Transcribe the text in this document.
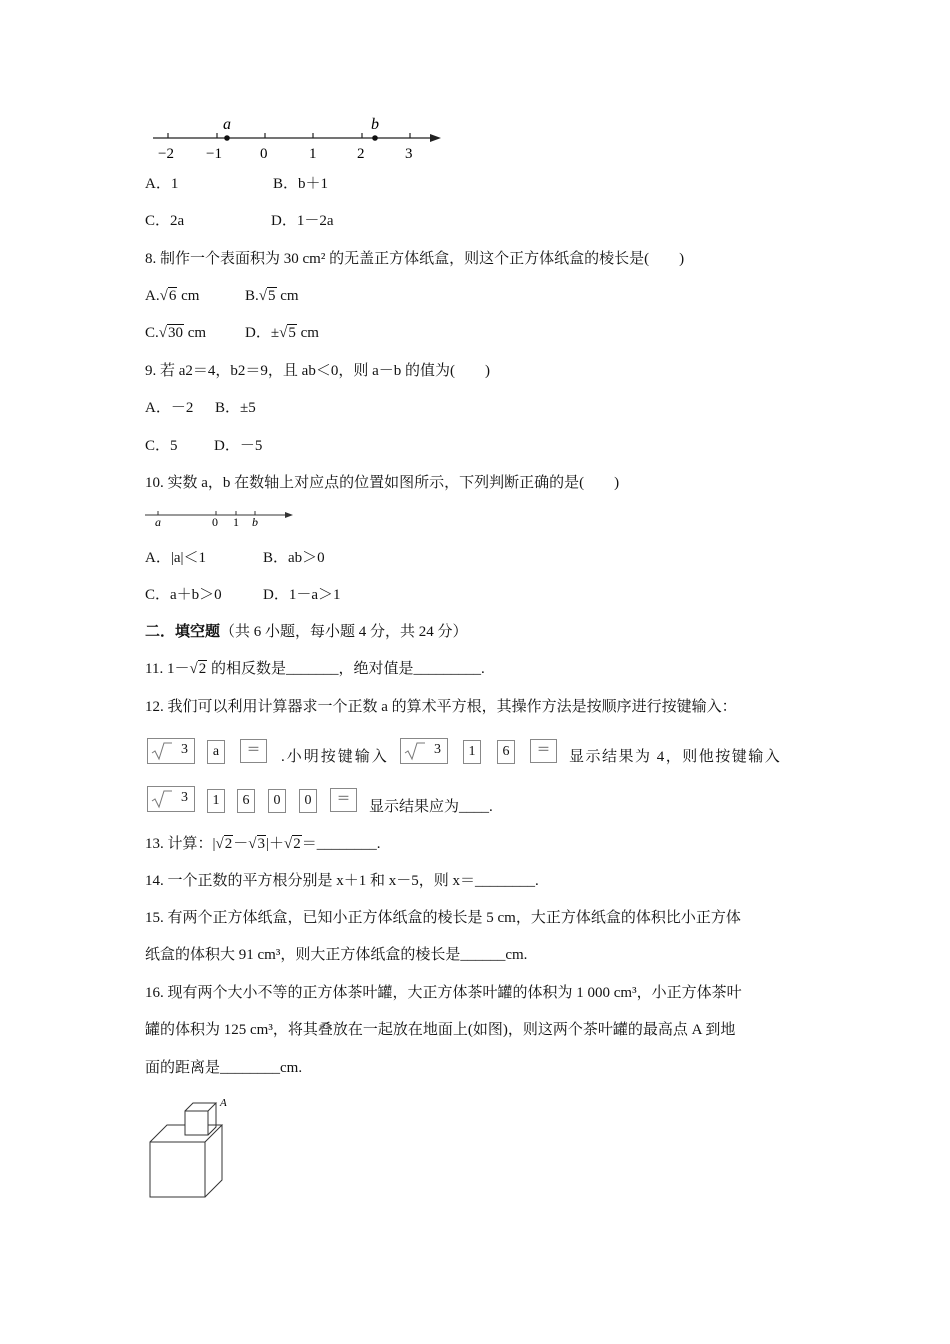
a	b
−2 −1	0	1	2	3
A．1	B．b＋1
C．2a	D．1－2a
8. 制作一个表面积为 30 cm² 的无盖正方体纸盒，则这个正方体纸盒的棱长是(　　)
A.√6 cm	B.√5 cm
C.√30 cm	D．±√5 cm
9. 若 a2＝4，b2＝9，且 ab＜0，则 a－b 的值为(　　)
A．－2 B．±5
C．5 D．－5
10. 实数 a，b 在数轴上对应点的位置如图所示，下列判断正确的是(　　)
a	0 1 b
A．|a|＜1	B．ab＞0
C．a＋b＞0	D．1－a＞1
二．填空题（共 6 小题，每小题 4 分，共 24 分）
11. 1－√2 的相反数是_______，绝对值是_________.
12. 我们可以利用计算器求一个正数 a 的算术平方根，其操作方法是按顺序进行按键输入：
3	a	＝	.小明按键输入	3	1	6	＝	显示结果为 4，则他按键输入
3	1	6	0	0	＝	显示结果应为____.
13. 计算：|√2－√3|＋√2＝________.
14. 一个正数的平方根分别是 x＋1 和 x－5，则 x＝________.
15. 有两个正方体纸盒，已知小正方体纸盒的棱长是 5 cm，大正方体纸盒的体积比小正方体
纸盒的体积大 91 cm³，则大正方体纸盒的棱长是______cm.
16. 现有两个大小不等的正方体茶叶罐，大正方体茶叶罐的体积为 1 000 cm³，小正方体茶叶
罐的体积为 125 cm³，将其叠放在一起放在地面上(如图)，则这两个茶叶罐的最高点 A 到地
面的距离是________cm.
A
